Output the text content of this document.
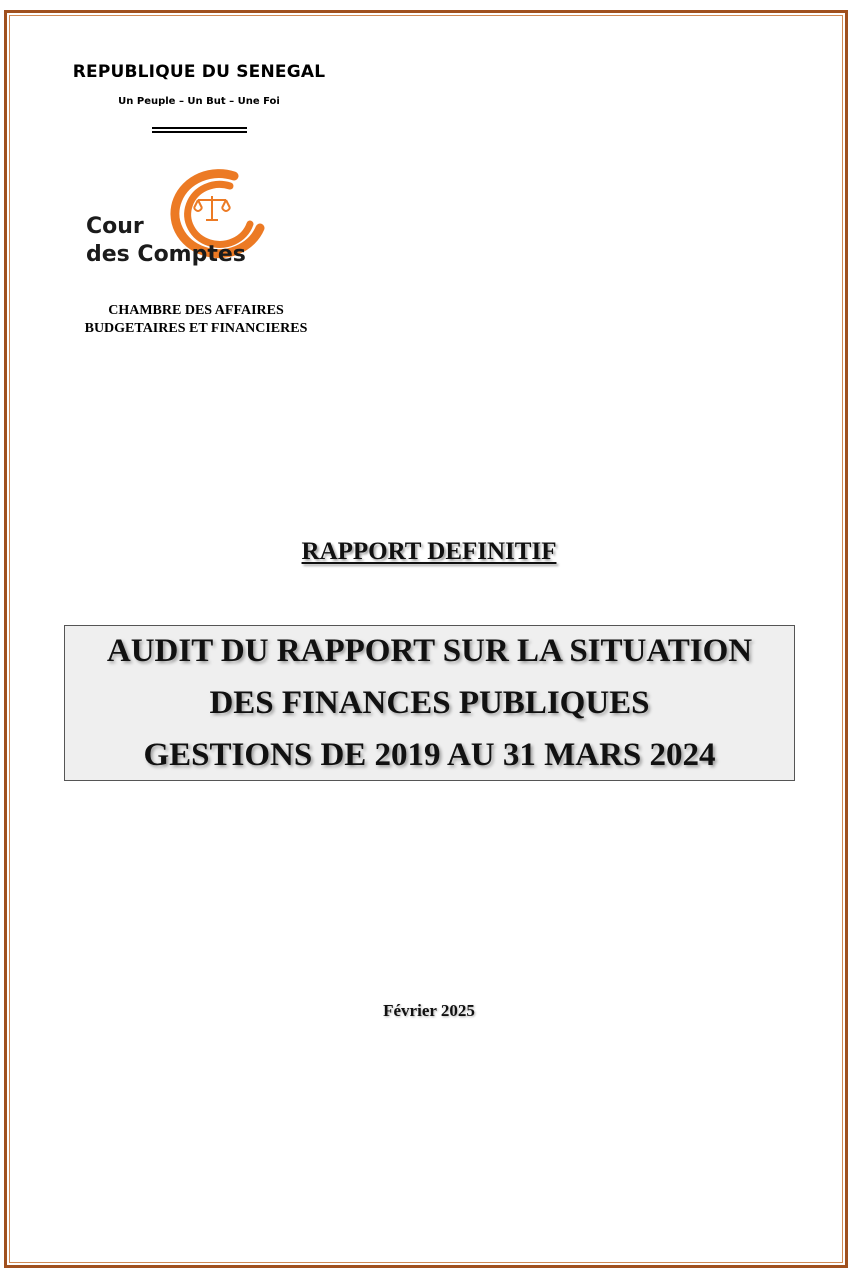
REPUBLIQUE DU SENEGAL
Un Peuple – Un But – Une Foi
Cour
des Comptes
CHAMBRE DES AFFAIRES
BUDGETAIRES ET FINANCIERES
RAPPORT DEFINITIF
AUDIT DU RAPPORT SUR LA SITUATION
DES FINANCES PUBLIQUES
GESTIONS DE 2019 AU 31 MARS 2024
Février 2025
